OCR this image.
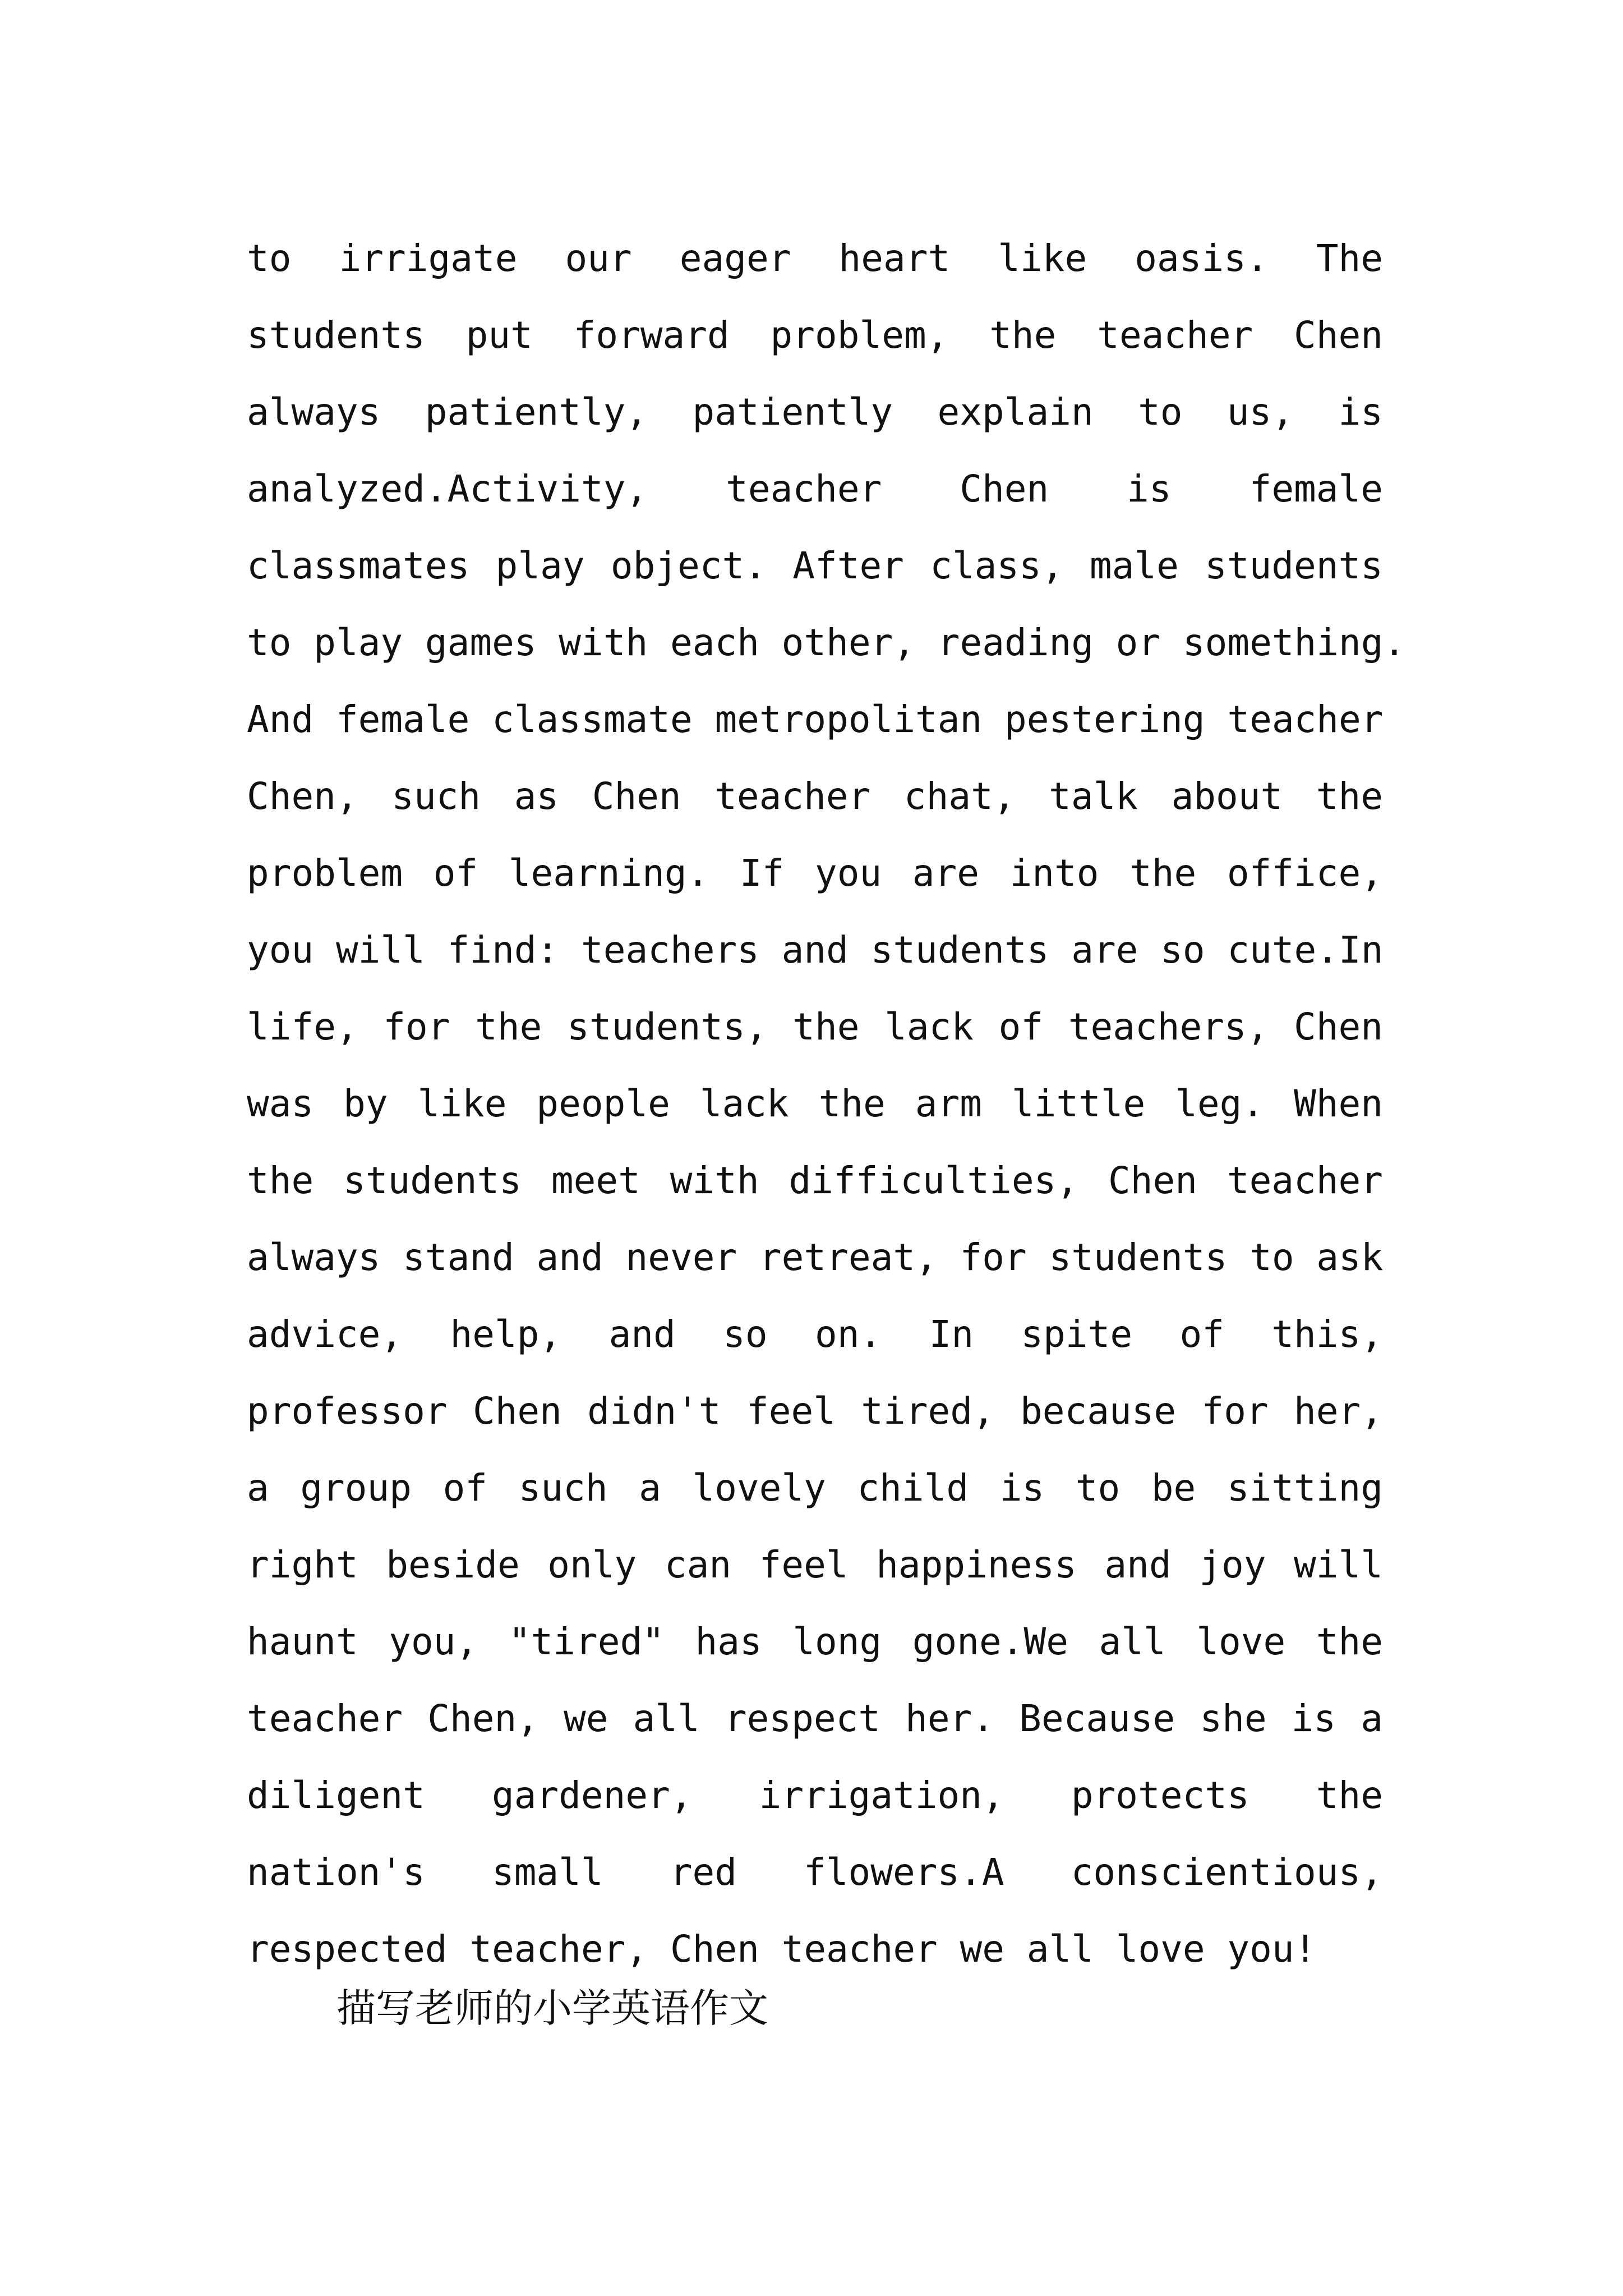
to irrigate our eager heart like oasis. The
students put forward problem, the teacher Chen
always patiently, patiently explain to us, is
analyzed.Activity, teacher Chen is female
classmates play object. After class, male students
to play games with each other, reading or something.
And female classmate metropolitan pestering teacher
Chen, such as Chen teacher chat, talk about the
problem of learning. If you are into the office,
you will find: teachers and students are so cute.In
life, for the students, the lack of teachers, Chen
was by like people lack the arm little leg. When
the students meet with difficulties, Chen teacher
always stand and never retreat, for students to ask
advice, help, and so on. In spite of this,
professor Chen didn't feel tired, because for her,
a group of such a lovely child is to be sitting
right beside only can feel happiness and joy will
haunt you, "tired" has long gone.We all love the
teacher Chen, we all respect her. Because she is a
diligent gardener, irrigation, protects the
nation's small red flowers.A conscientious,
respected teacher, Chen teacher we all love you!
描写老师的小学英语作文
